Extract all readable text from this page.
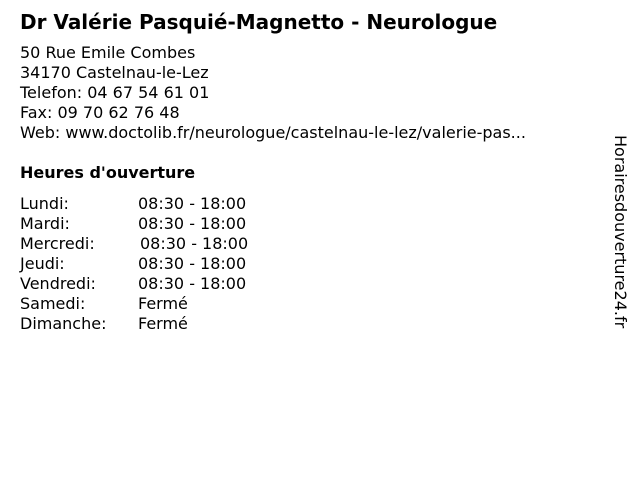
Dr Valérie Pasquié-Magnetto - Neurologue
50 Rue Emile Combes
34170 Castelnau-le-Lez
Telefon: 04 67 54 61 01
Fax: 09 70 62 76 48
Web: www.doctolib.fr/neurologue/castelnau-le-lez/valerie-pas...
Heures d'ouverture
Lundi:	08:30 - 18:00
Mardi:	08:30 - 18:00
Mercredi:	08:30 - 18:00
Jeudi:	08:30 - 18:00
Vendredi:	08:30 - 18:00
Samedi:	Fermé
Dimanche: Fermé	Horairesdouverture24.fr
